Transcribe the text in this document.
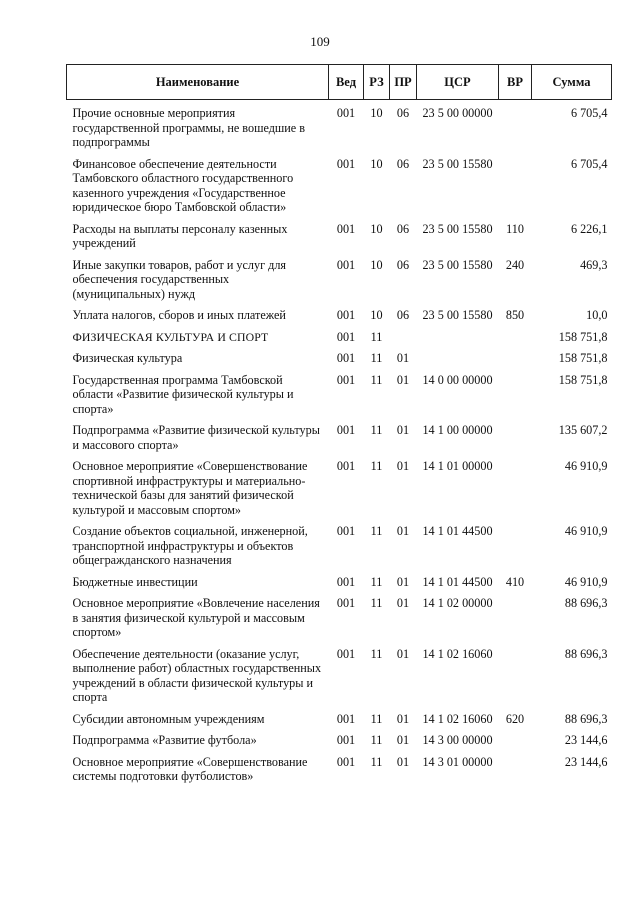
109
Наименование	Вед	РЗ	ПР	ЦСР	ВР	Сумма
Прочие основные мероприятия государственной программы, не вошедшие в подпрограммы	001	10	06	23 5 00 00000		6 705,4
Финансовое обеспечение деятельности Тамбовского областного государственного казенного учреждения «Государственное юридическое бюро Тамбовской области»	001	10	06	23 5 00 15580		6 705,4
Расходы на выплаты персоналу казенных учреждений	001	10	06	23 5 00 15580	110	6 226,1
Иные закупки товаров, работ и услуг для обеспечения государственных (муниципальных) нужд	001	10	06	23 5 00 15580	240	469,3
Уплата налогов, сборов и иных платежей	001	10	06	23 5 00 15580	850	10,0
ФИЗИЧЕСКАЯ КУЛЬТУРА И СПОРТ	001	11				158 751,8
Физическая культура	001	11	01			158 751,8
Государственная программа Тамбовской области «Развитие физической культуры и спорта»	001	11	01	14 0 00 00000		158 751,8
Подпрограмма «Развитие физической культуры и массового спорта»	001	11	01	14 1 00 00000		135 607,2
Основное мероприятие «Совершенствование спортивной инфраструктуры и материально-технической базы для занятий физической культурой и массовым спортом»	001	11	01	14 1 01 00000		46 910,9
Создание объектов социальной, инженерной, транспортной инфраструктуры и объектов общегражданского назначения	001	11	01	14 1 01 44500		46 910,9
Бюджетные инвестиции	001	11	01	14 1 01 44500	410	46 910,9
Основное мероприятие «Вовлечение населения в занятия физической культурой и массовым спортом»	001	11	01	14 1 02 00000		88 696,3
Обеспечение деятельности (оказание услуг, выполнение работ) областных государственных учреждений в области физической культуры и спорта	001	11	01	14 1 02 16060		88 696,3
Субсидии автономным учреждениям	001	11	01	14 1 02 16060	620	88 696,3
Подпрограмма «Развитие футбола»	001	11	01	14 3 00 00000		23 144,6
Основное мероприятие «Совершенствование системы подготовки футболистов»	001	11	01	14 3 01 00000		23 144,6
